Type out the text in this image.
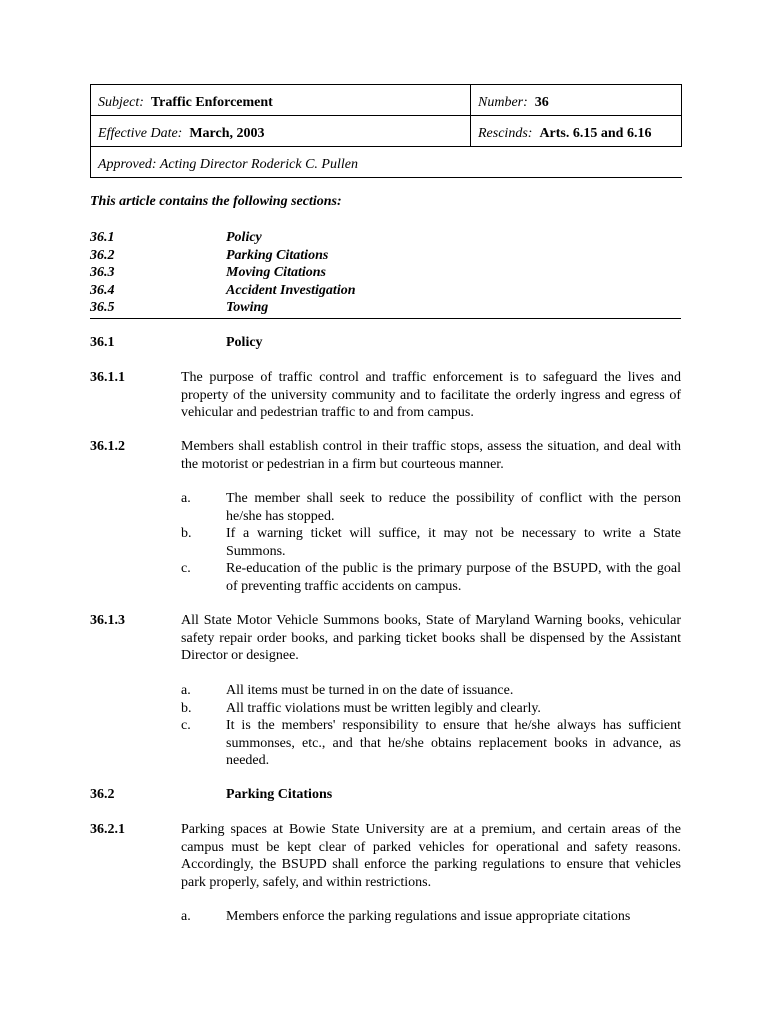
Subject: Traffic Enforcement	Number: 36
Effective Date: March, 2003	Rescinds: Arts. 6.15 and 6.16
Approved: Acting Director Roderick C. Pullen
This article contains the following sections:
36.1	Policy
36.2	Parking Citations
36.3	Moving Citations
36.4	Accident Investigation
36.5	Towing
36.1	Policy
36.1.1	The purpose of traffic control and traffic enforcement is to safeguard the lives and property of the university community and to facilitate the orderly ingress and egress of vehicular and pedestrian traffic to and from campus.
36.1.2	Members shall establish control in their traffic stops, assess the situation, and deal with the motorist or pedestrian in a firm but courteous manner.
a.	The member shall seek to reduce the possibility of conflict with the person he/she has stopped.
b. If a warning ticket will suffice, it may not be necessary to write a State Summons.
c.	Re-education of the public is the primary purpose of the BSUPD, with the goal of preventing traffic accidents on campus.
36.1.3	All State Motor Vehicle Summons books, State of Maryland Warning books, vehicular safety repair order books, and parking ticket books shall be dispensed by the Assistant Director or designee.
a.	All items must be turned in on the date of issuance.
b. All traffic violations must be written legibly and clearly.
c.	It is the members' responsibility to ensure that he/she always has sufficient summonses, etc., and that he/she obtains replacement books in advance, as needed.
36.2	Parking Citations
36.2.1	Parking spaces at Bowie State University are at a premium, and certain areas of the campus must be kept clear of parked vehicles for operational and safety reasons. Accordingly, the BSUPD shall enforce the parking regulations to ensure that vehicles park properly, safely, and within restrictions.
a.	Members enforce the parking regulations and issue appropriate citations
